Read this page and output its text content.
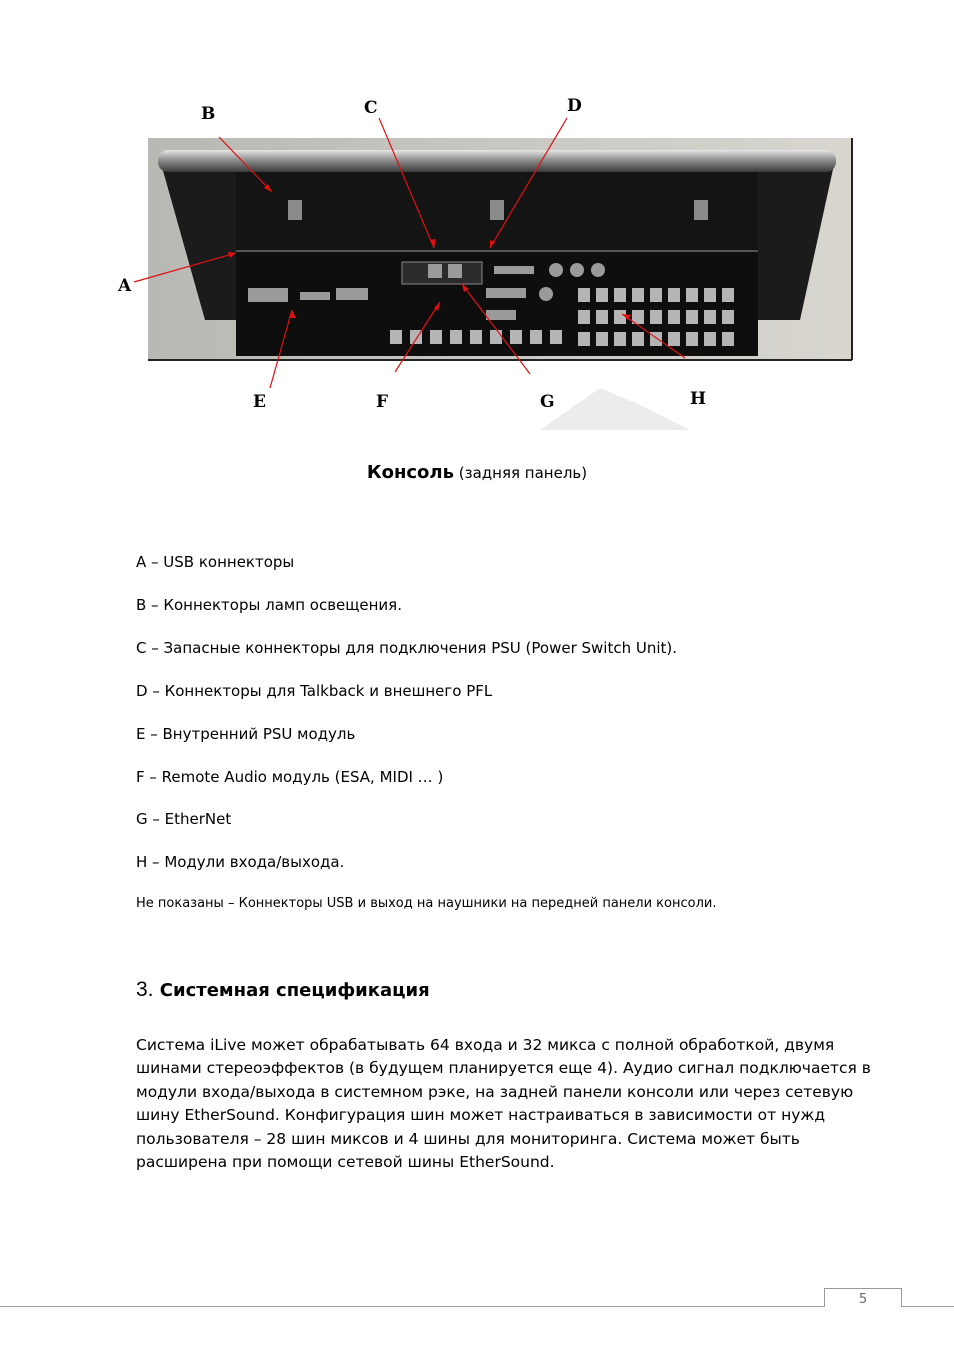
B	C	D
A
E	F	G	H
Консоль (задняя панель)
A – USB коннекторы
B – Коннекторы ламп освещения.
C – Запасные коннекторы для подключения PSU (Power Switch Unit).
D – Коннекторы для Talkback и внешнего PFL
E – Внутренний PSU модуль
F – Remote Audio модуль (ESA, MIDI … )
G – EtherNet
H – Модули входа/выхода.
Не показаны – Коннекторы USB и выход на наушники на передней панели консоли.
3. Системная спецификация
Система iLive может обрабатывать 64 входа и 32 микса с полной обработкой, двумя
шинами стереоэффектов (в будущем планируется еще 4). Аудио сигнал подключается в
модули входа/выхода в системном рэке, на задней панели консоли или через сетевую
шину EtherSound. Конфигурация шин может настраиваться в зависимости от нужд
пользователя – 28 шин миксов и 4 шины для мониторинга. Система может быть
расширена при помощи сетевой шины EtherSound.
5
